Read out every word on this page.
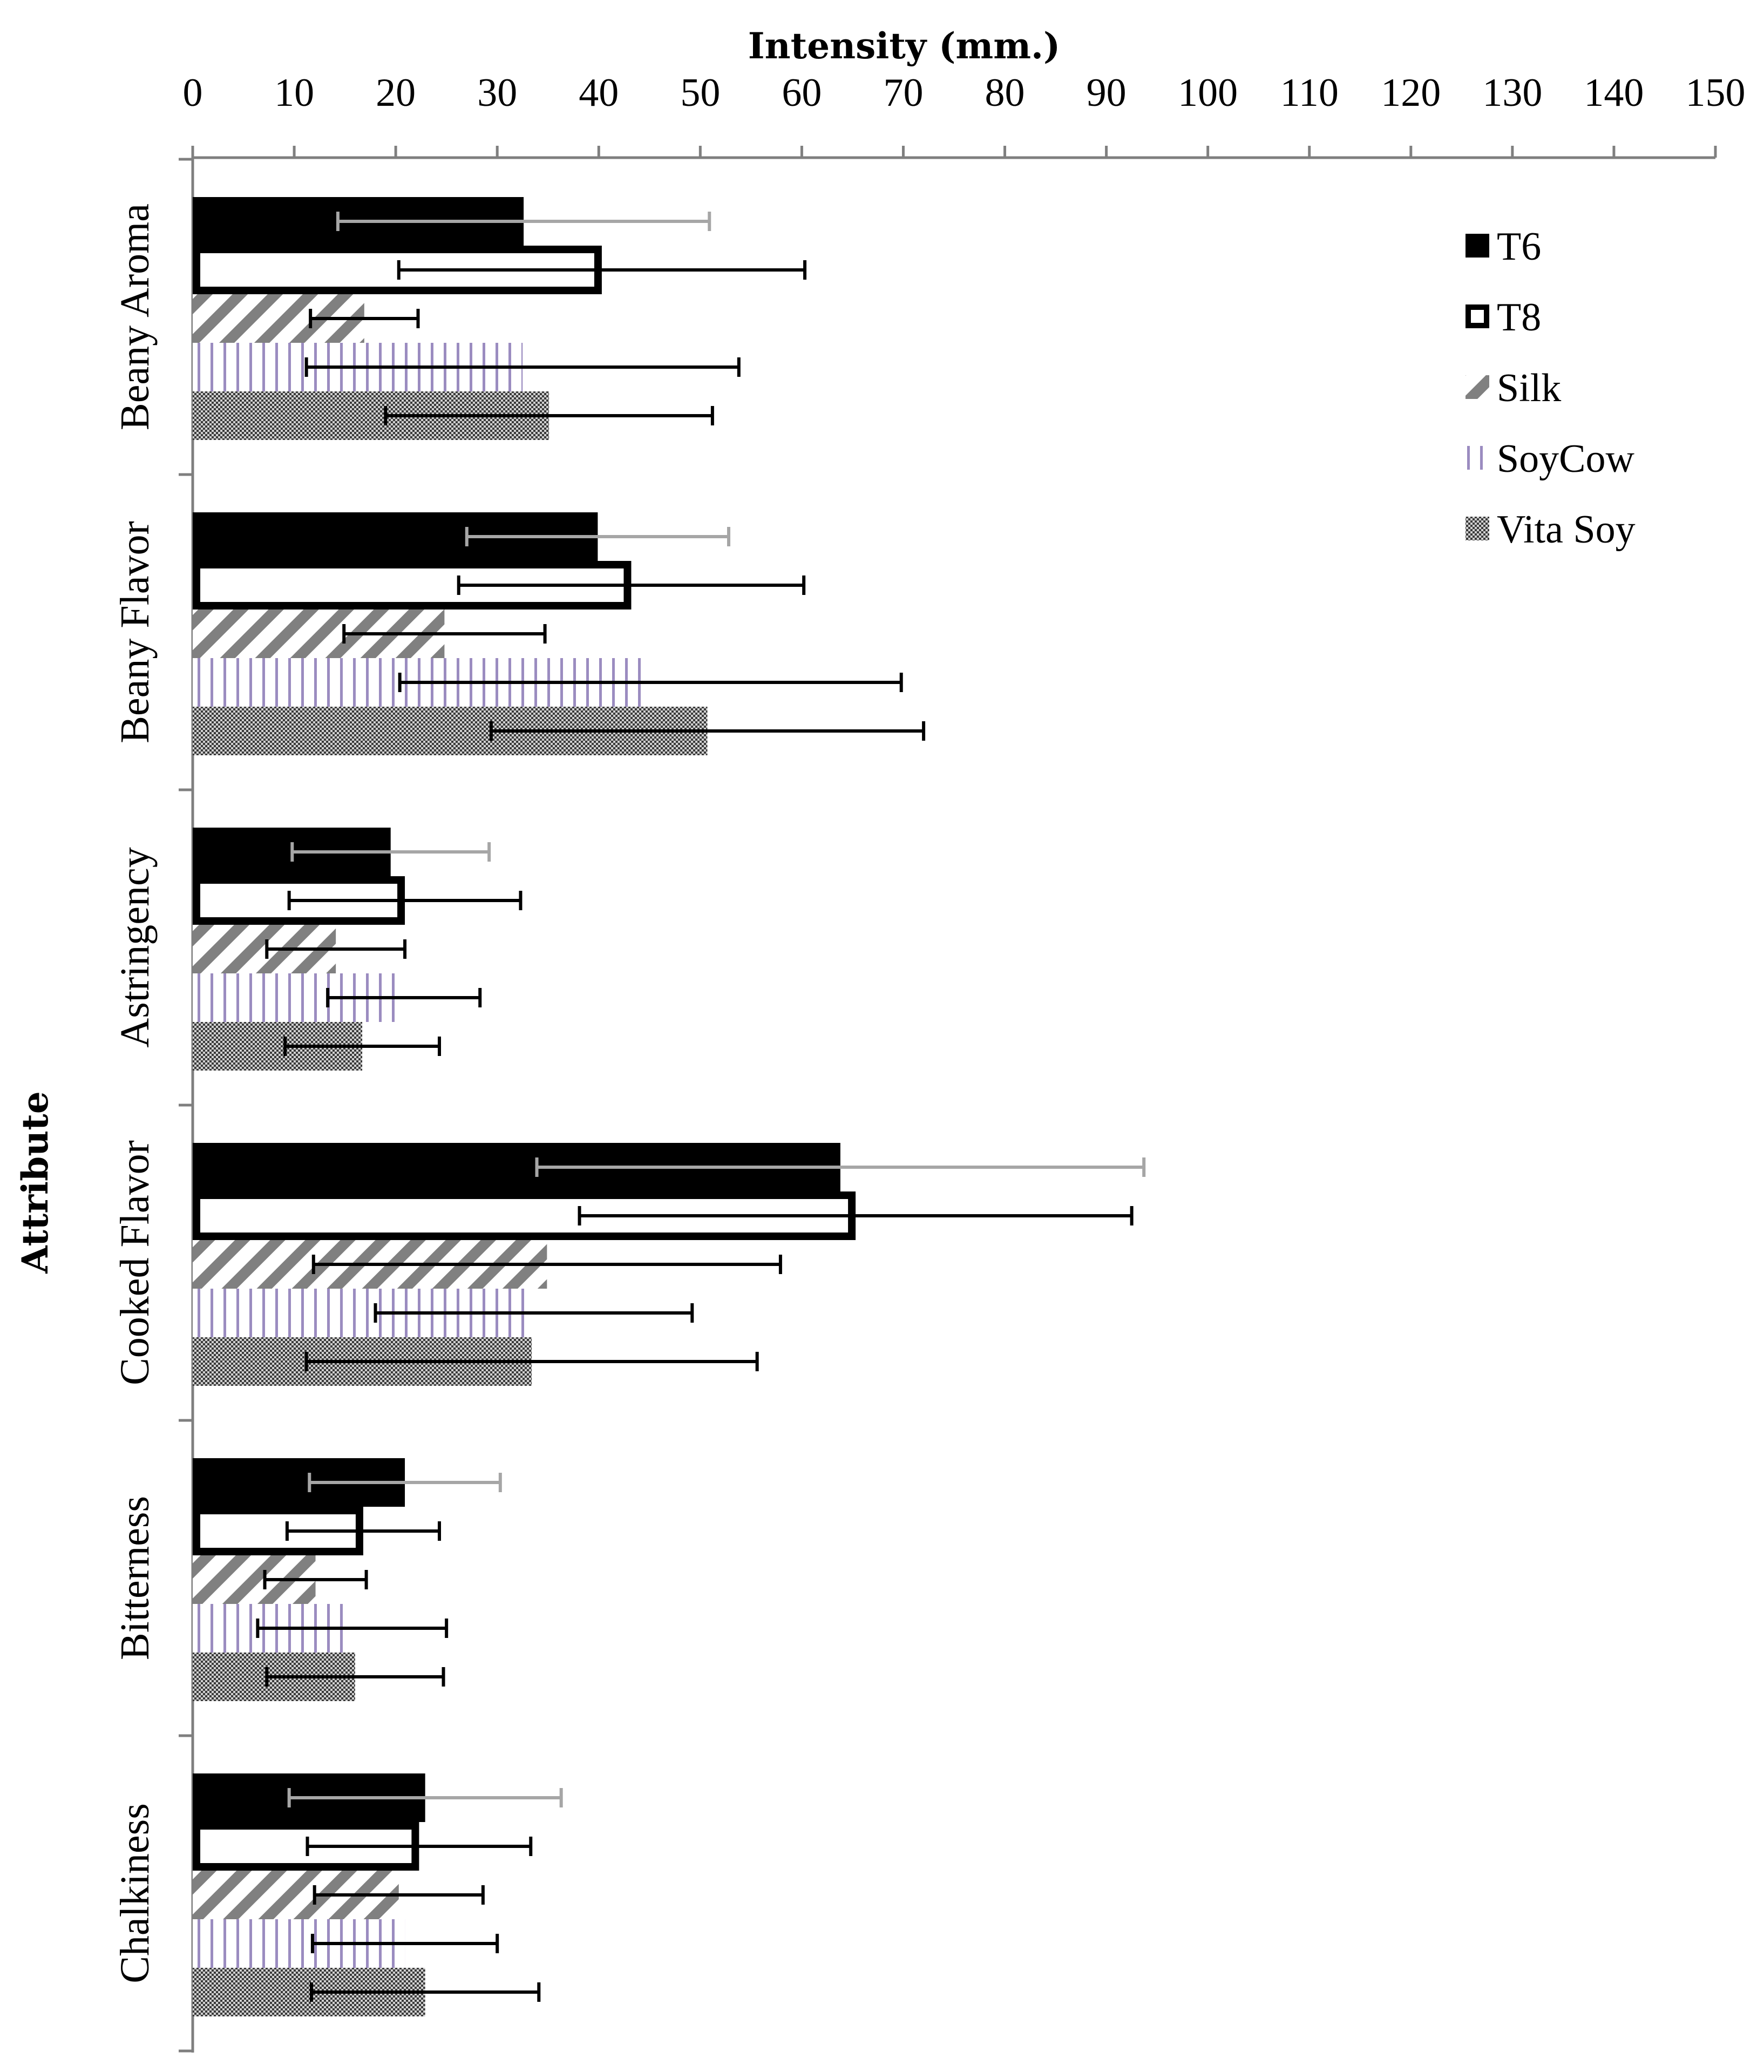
Intensity (mm.)
Attribute
0 10 20 30 40 50 60 70 80 90 100 110 120 130 140 150
Beany Aroma
Beany Flavor
Astringency
Cooked Flavor
Bitterness
Chalkiness
T6
T8
Silk
SoyCow
Vita Soy
